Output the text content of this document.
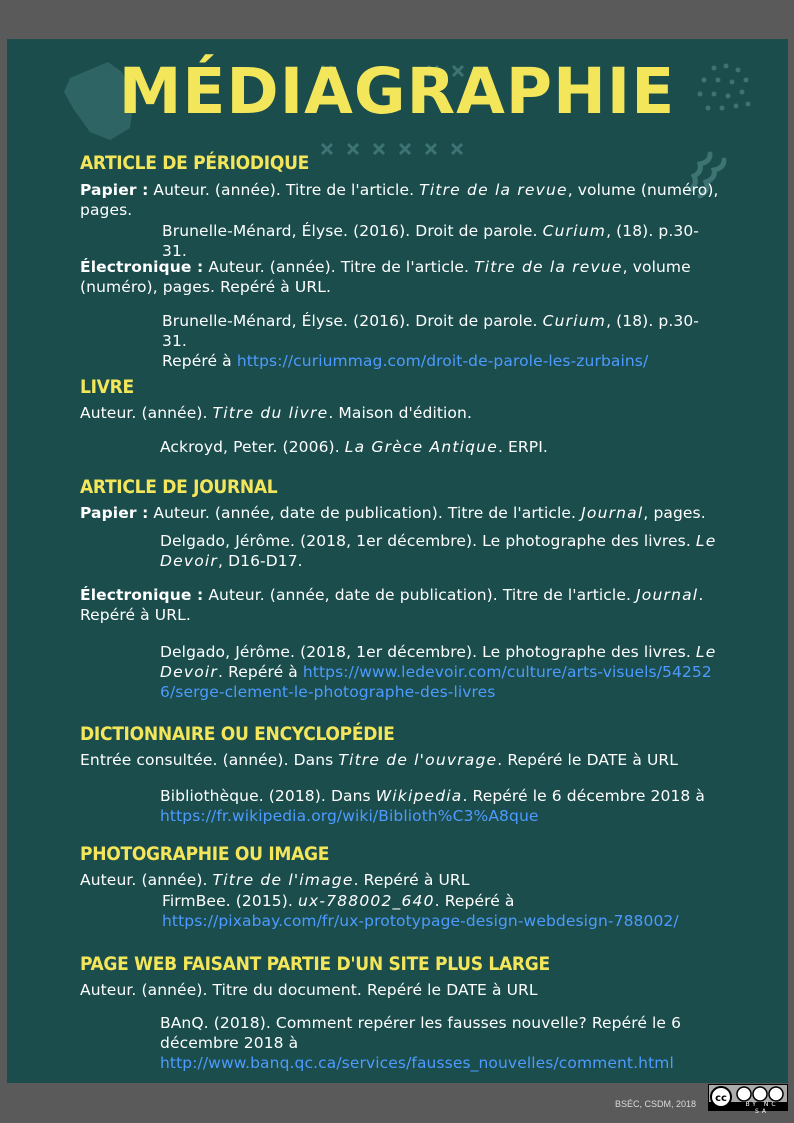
MÉDIAGRAPHIE
ARTICLE DE PÉRIODIQUE
Papier : Auteur. (année). Titre de l'article. Titre de la revue, volume (numéro), pages.
Brunelle-Ménard, Élyse. (2016). Droit de parole. Curium, (18). p.30-31.
Électronique : Auteur. (année). Titre de l'article. Titre de la revue, volume (numéro), pages. Repéré à URL.
Brunelle-Ménard, Élyse. (2016). Droit de parole. Curium, (18). p.30-31.
Repéré à https://curiummag.com/droit-de-parole-les-zurbains/
LIVRE
Auteur. (année). Titre du livre. Maison d'édition.
Ackroyd, Peter. (2006). La Grèce Antique. ERPI.
ARTICLE DE JOURNAL
Papier : Auteur. (année, date de publication). Titre de l'article. Journal, pages.
Delgado, Jérôme. (2018, 1er décembre). Le photographe des livres. Le Devoir, D16-D17.
Électronique : Auteur. (année, date de publication). Titre de l'article. Journal. Repéré à URL.
Delgado, Jérôme. (2018, 1er décembre). Le photographe des livres. Le Devoir. Repéré à https://www.ledevoir.com/culture/arts-visuels/542526/serge-clement-le-photographe-des-livres
DICTIONNAIRE OU ENCYCLOPÉDIE
Entrée consultée. (année). Dans Titre de l'ouvrage. Repéré le DATE à URL
Bibliothèque. (2018). Dans Wikipedia. Repéré le 6 décembre 2018 à https://fr.wikipedia.org/wiki/Biblioth%C3%A8que
PHOTOGRAPHIE OU IMAGE
Auteur. (année). Titre de l'image. Repéré à URL
FirmBee. (2015). ux-788002_640. Repéré à
https://pixabay.com/fr/ux-prototypage-design-webdesign-788002/
PAGE WEB FAISANT PARTIE D'UN SITE PLUS LARGE
Auteur. (année). Titre du document. Repéré le DATE à URL
BAnQ. (2018). Comment repérer les fausses nouvelle? Repéré le 6 décembre 2018 à http://www.banq.qc.ca/services/fausses_nouvelles/comment.html
BSÉC, CSDM, 2018 cc
BY NC SA
